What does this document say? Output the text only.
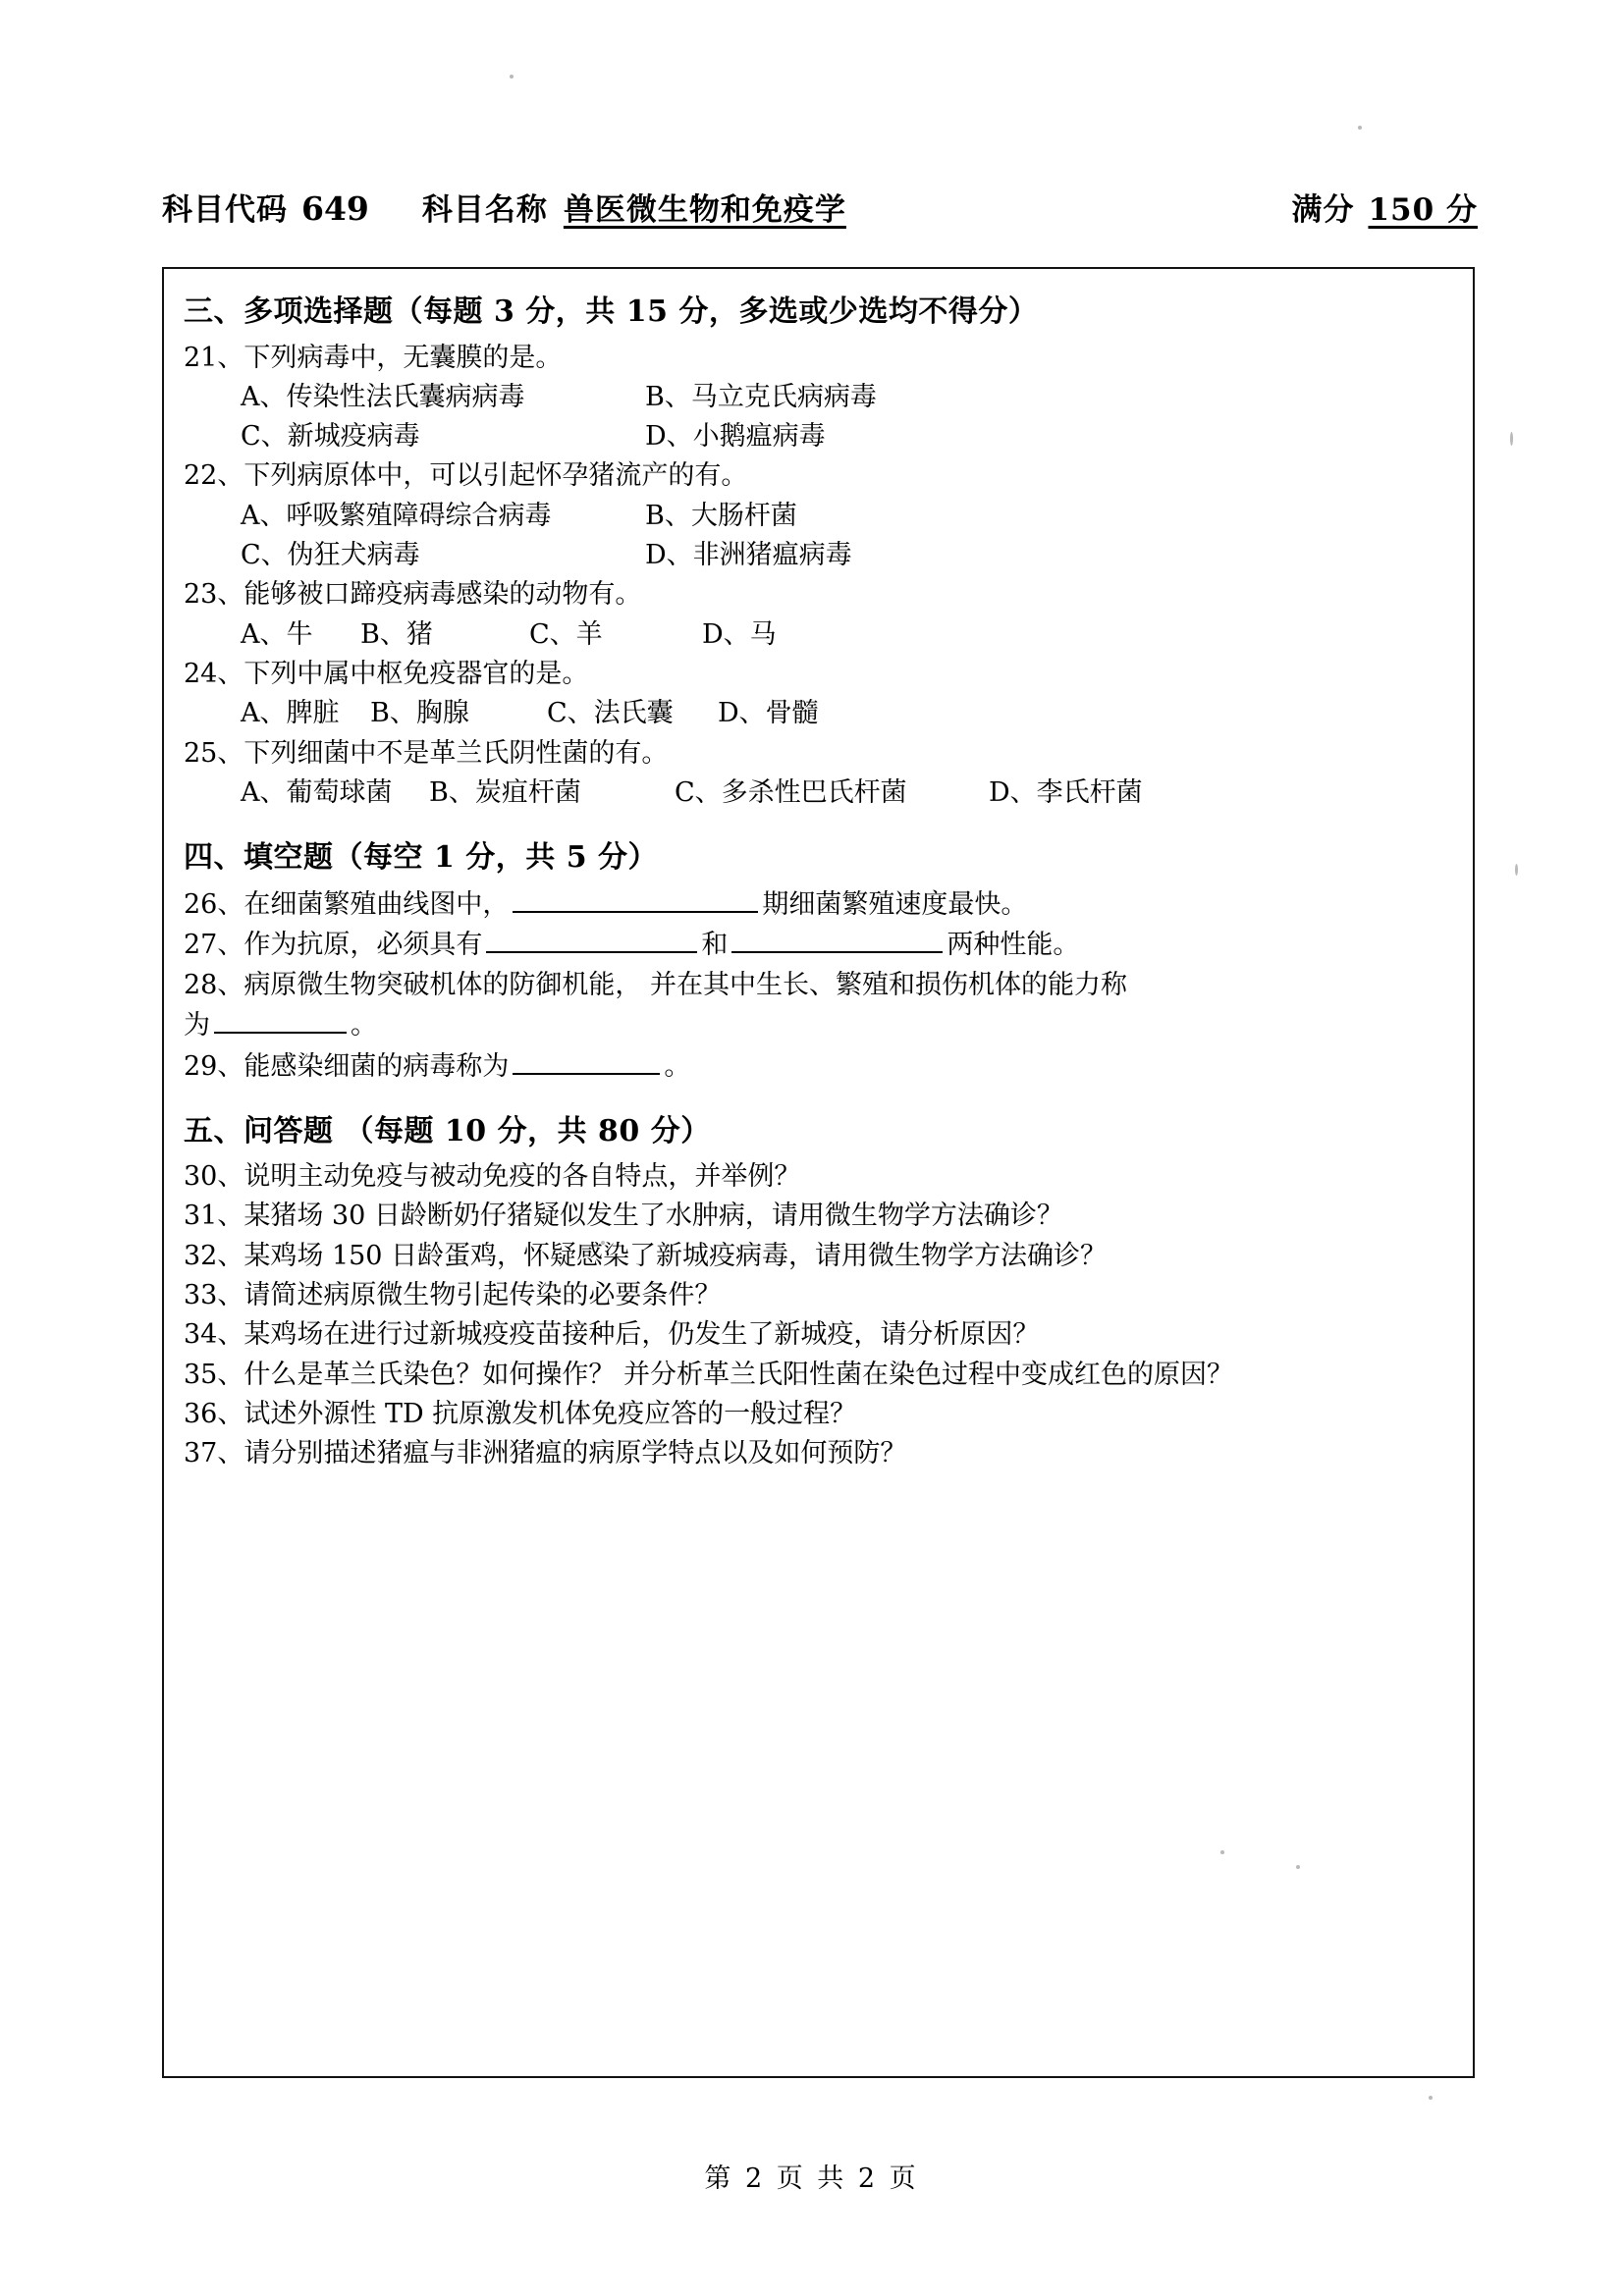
科目代码 649 科目名称 兽医微生物和免疫学	满分 150 分
三、多项选择题（每题 3 分，共 15 分，多选或少选均不得分）
21、下列病毒中，无囊膜的是。
A、传染性法氏囊病病毒	B、马立克氏病病毒
C、新城疫病毒	D、小鹅瘟病毒
22、下列病原体中，可以引起怀孕猪流产的有。
A、呼吸繁殖障碍综合病毒	B、大肠杆菌
C、伪狂犬病毒	D、非洲猪瘟病毒
23、能够被口蹄疫病毒感染的动物有。
A、牛	B、猪	C、羊	D、马
24、下列中属中枢免疫器官的是。
A、脾脏	B、胸腺	C、法氏囊	D、骨髓
25、下列细菌中不是革兰氏阴性菌的有。
A、葡萄球菌	B、炭疽杆菌	C、多杀性巴氏杆菌	D、李氏杆菌
四、填空题（每空 1 分，共 5 分）
26、在细菌繁殖曲线图中，	期细菌繁殖速度最快。
27、作为抗原，必须具有	和	两种性能。
28、病原微生物突破机体的防御机能， 并在其中生长、繁殖和损伤机体的能力称
为	。
29、能感染细菌的病毒称为	。
五、问答题 （每题 10 分，共 80 分）
30、说明主动免疫与被动免疫的各自特点，并举例？
31、某猪场 30 日龄断奶仔猪疑似发生了水肿病，请用微生物学方法确诊？
32、某鸡场 150 日龄蛋鸡，怀疑感染了新城疫病毒，请用微生物学方法确诊？
33、请简述病原微生物引起传染的必要条件？
34、某鸡场在进行过新城疫疫苗接种后，仍发生了新城疫，请分析原因？
35、什么是革兰氏染色？如何操作？ 并分析革兰氏阳性菌在染色过程中变成红色的原因？
36、试述外源性 TD 抗原激发机体免疫应答的一般过程？
37、请分别描述猪瘟与非洲猪瘟的病原学特点以及如何预防？
第 2 页 共 2 页
